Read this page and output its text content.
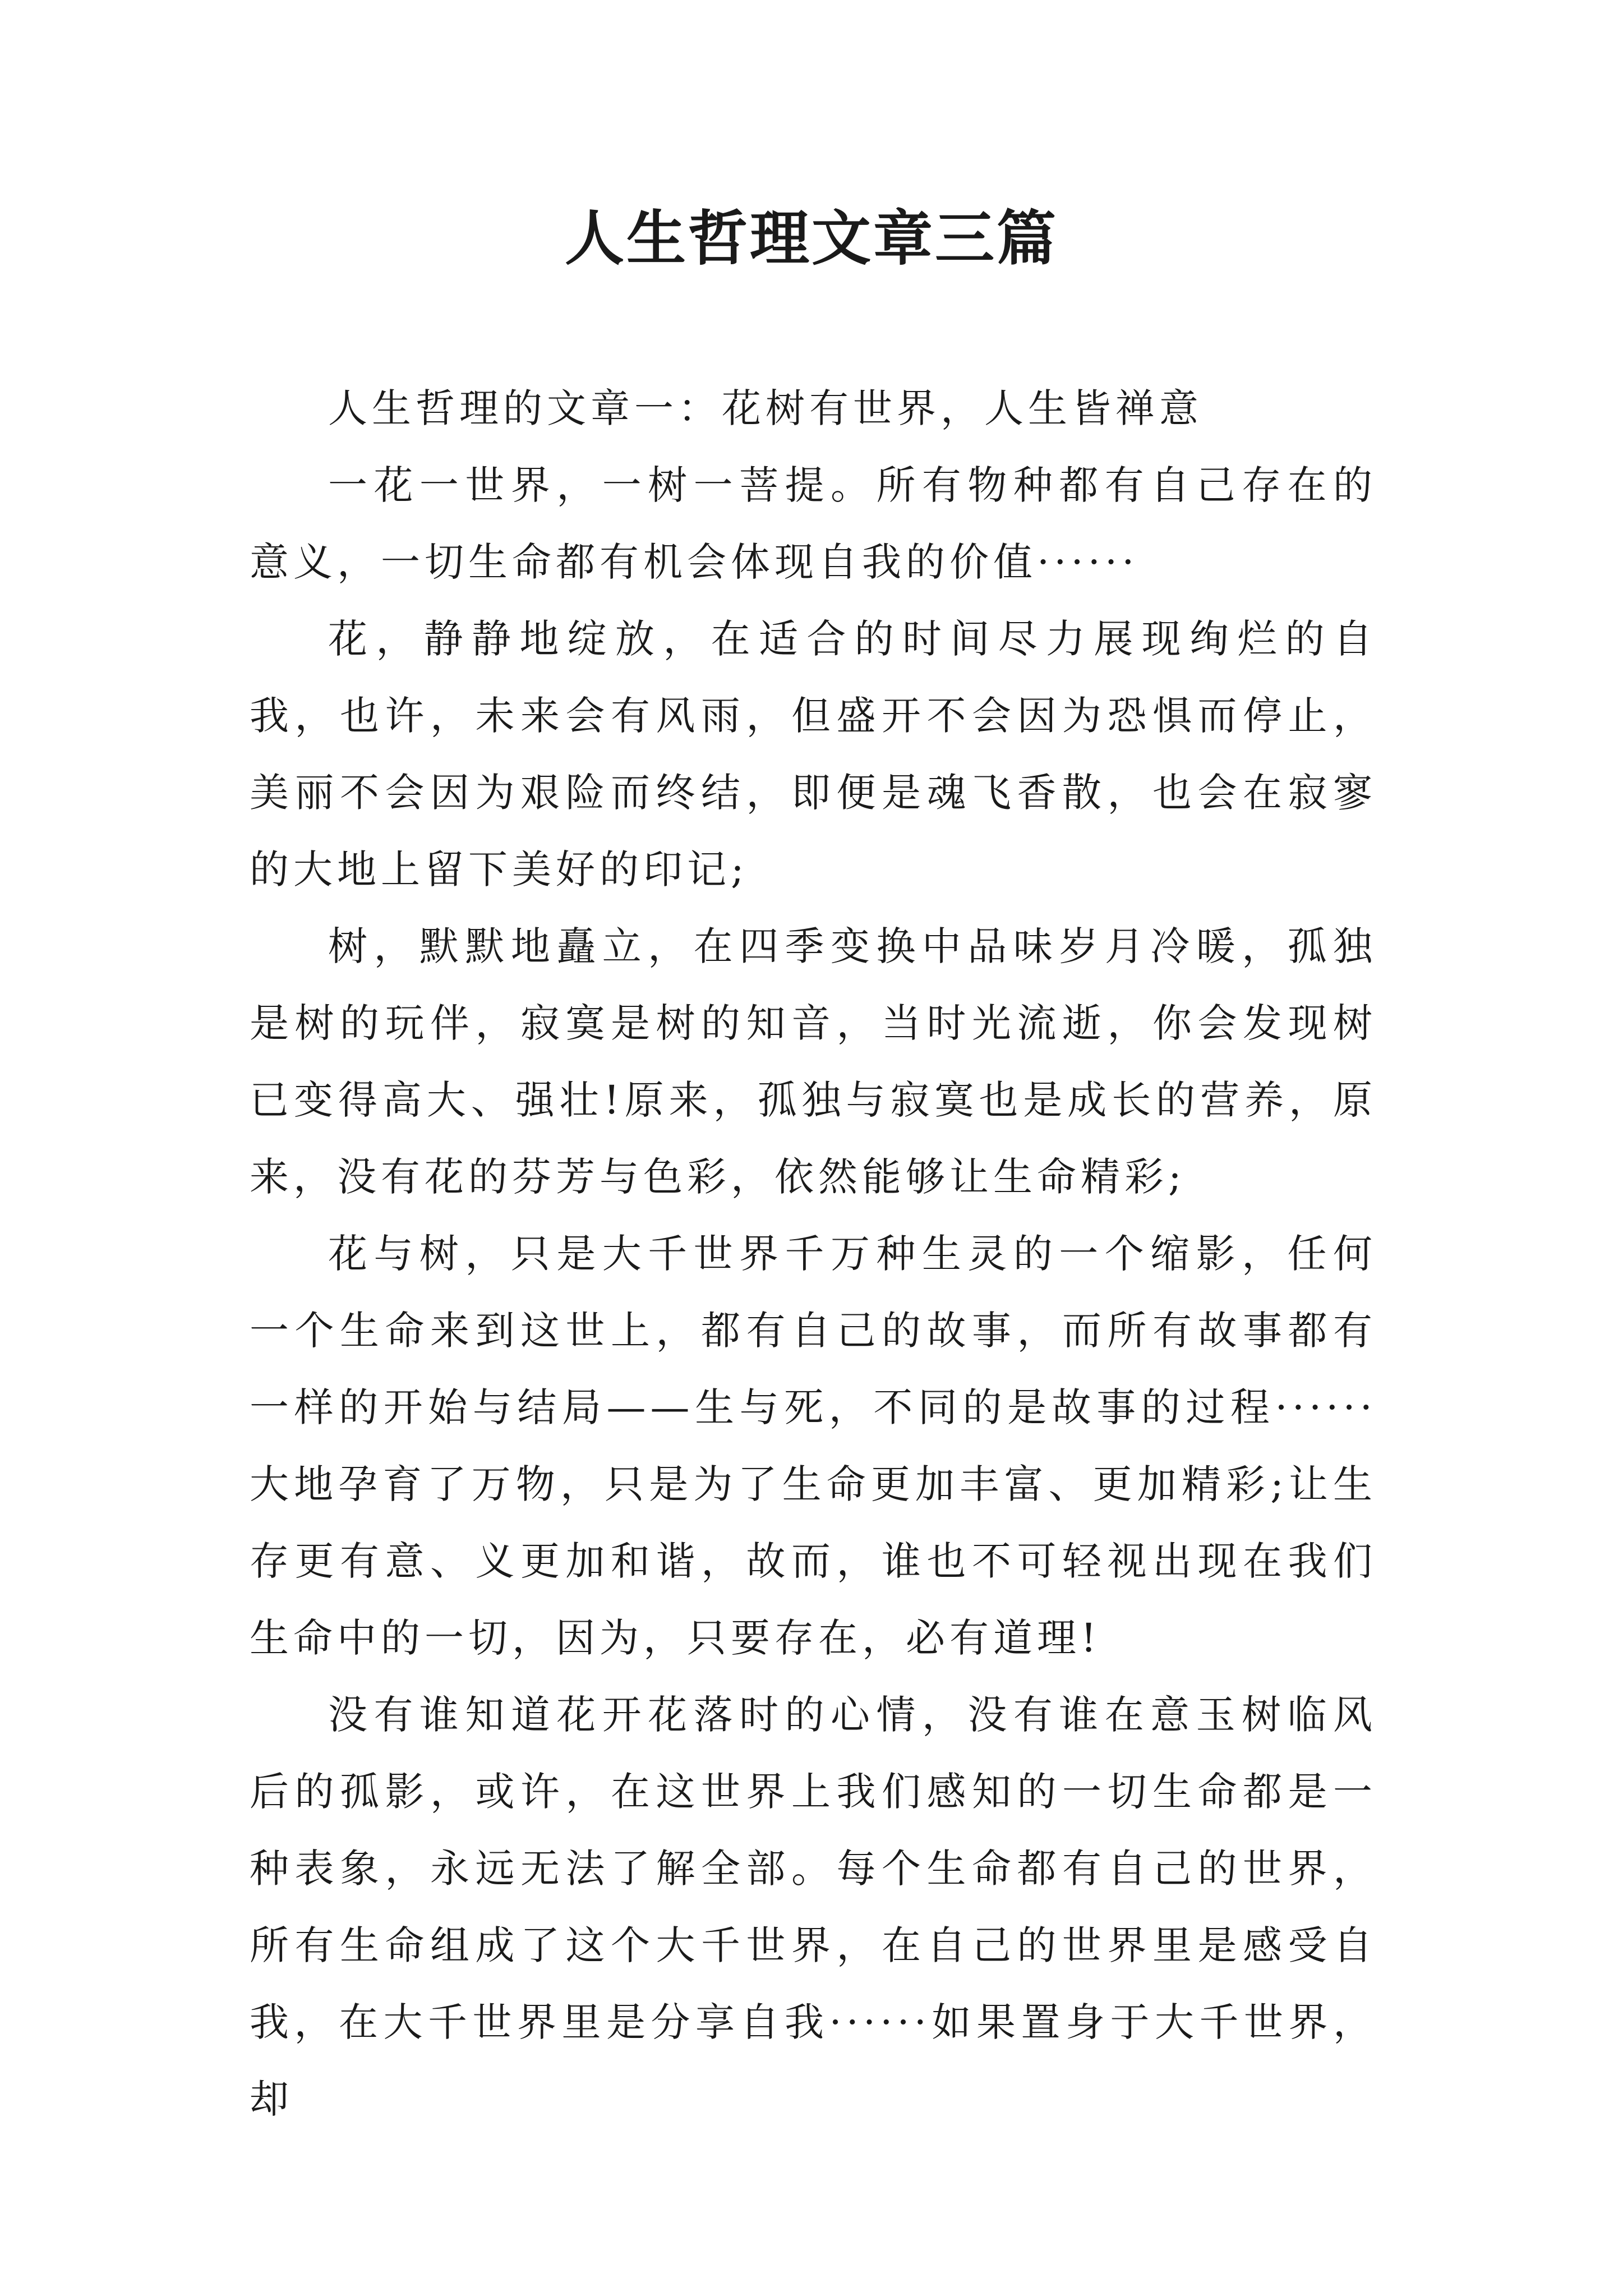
人生哲理文章三篇

人生哲理的文章一：花树有世界，人生皆禅意

一花一世界，一树一菩提。所有物种都有自己存在的意义，一切生命都有机会体现自我的价值······

花，静静地绽放，在适合的时间尽力展现绚烂的自我，也许，未来会有风雨，但盛开不会因为恐惧而停止，美丽不会因为艰险而终结，即便是魂飞香散，也会在寂寥的大地上留下美好的印记;

树，默默地矗立，在四季变换中品味岁月冷暖，孤独是树的玩伴，寂寞是树的知音，当时光流逝，你会发现树已变得高大、强壮!原来，孤独与寂寞也是成长的营养，原来，没有花的芬芳与色彩，依然能够让生命精彩;

花与树，只是大千世界千万种生灵的一个缩影，任何一个生命来到这世上，都有自己的故事，而所有故事都有一样的开始与结局——生与死，不同的是故事的过程······大地孕育了万物，只是为了生命更加丰富、更加精彩;让生存更有意、义更加和谐，故而，谁也不可轻视出现在我们生命中的一切，因为，只要存在，必有道理!

没有谁知道花开花落时的心情，没有谁在意玉树临风后的孤影，或许，在这世界上我们感知的一切生命都是一种表象，永远无法了解全部。每个生命都有自己的世界，所有生命组成了这个大千世界，在自己的世界里是感受自我，在大千世界里是分享自我······如果置身于大千世界，却
